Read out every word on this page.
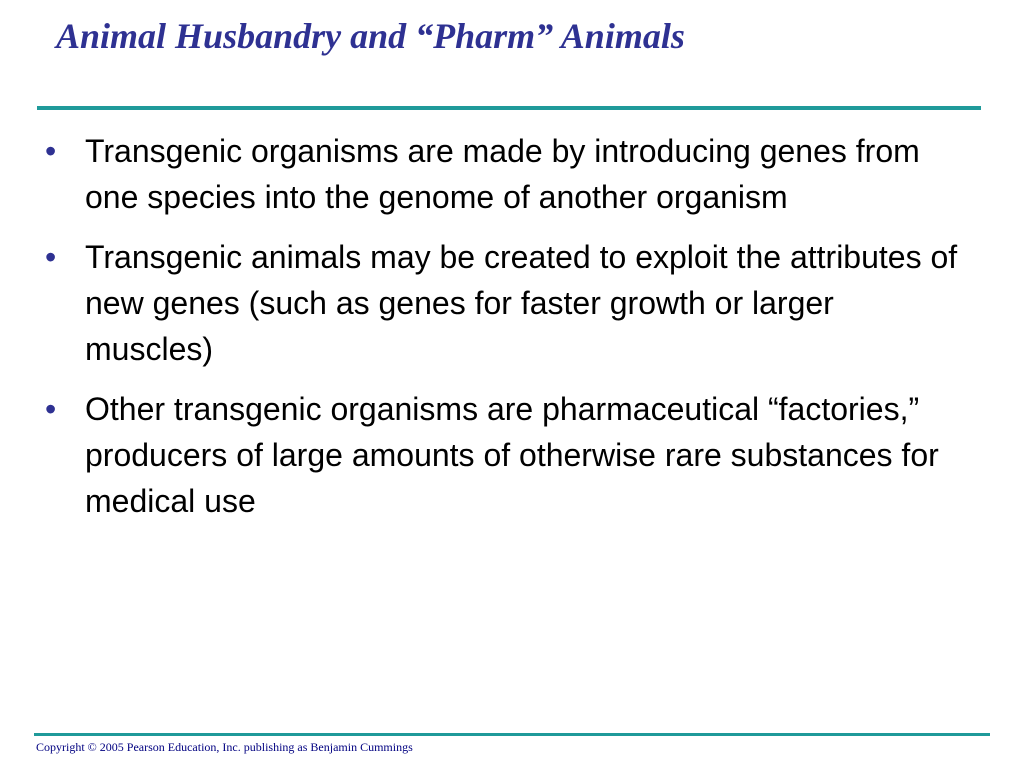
Animal Husbandry and “Pharm” Animals
• Transgenic organisms are made by introducing genes from one species into the genome of another organism
• Transgenic animals may be created to exploit the attributes of new genes (such as genes for faster growth or larger muscles)
• Other transgenic organisms are pharmaceutical “factories,” producers of large amounts of otherwise rare substances for medical use

Copyright © 2005 Pearson Education, Inc. publishing as Benjamin Cummings
